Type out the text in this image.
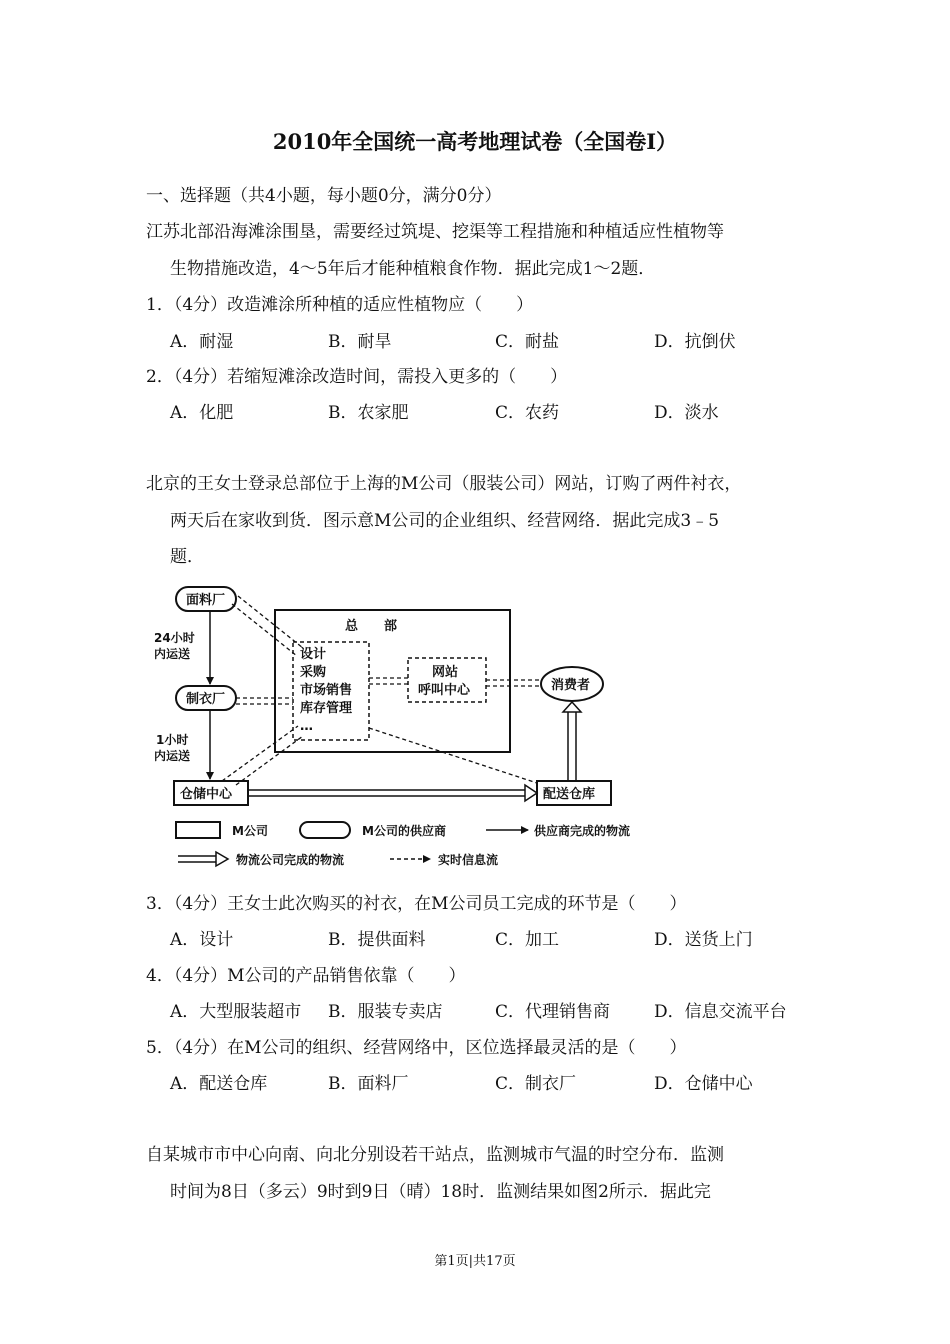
2010年全国统一高考地理试卷（全国卷Ⅰ）
一、选择题（共4小题，每小题0分，满分0分）
江苏北部沿海滩涂围垦，需要经过筑堤、挖渠等工程措施和种植适应性植物等
生物措施改造，4～5年后才能种植粮食作物．据此完成1～2题．
1．（4分）改造滩涂所种植的适应性植物应（　　）
A．耐湿	B．耐旱	C．耐盐	D．抗倒伏
2．（4分）若缩短滩涂改造时间，需投入更多的（　　）
A．化肥	B．农家肥	C．农药	D．淡水
北京的王女士登录总部位于上海的M公司（服装公司）网站，订购了两件衬衣，
两天后在家收到货．图示意M公司的企业组织、经营网络．据此完成3﹣5
题．
总　　部
设计
采购
市场销售
库存管理
…
网站
呼叫中心
面料厂
制衣厂
仓储中心	配送仓库
消费者
24小时
内运送
1小时
内运送
M公司	M公司的供应商	供应商完成的物流
物流公司完成的物流	实时信息流
3．（4分）王女士此次购买的衬衣，在M公司员工完成的环节是（　　）
A．设计	B．提供面料	C．加工	D．送货上门
4．（4分）M公司的产品销售依靠（　　）
A．大型服装超市 B．服装专卖店	C．代理销售商	D．信息交流平台
5．（4分）在M公司的组织、经营网络中，区位选择最灵活的是（　　）
A．配送仓库	B．面料厂	C．制衣厂	D．仓储中心
自某城市市中心向南、向北分别设若干站点，监测城市气温的时空分布．监测
时间为8日（多云）9时到9日（晴）18时．监测结果如图2所示．据此完
第1页|共17页
